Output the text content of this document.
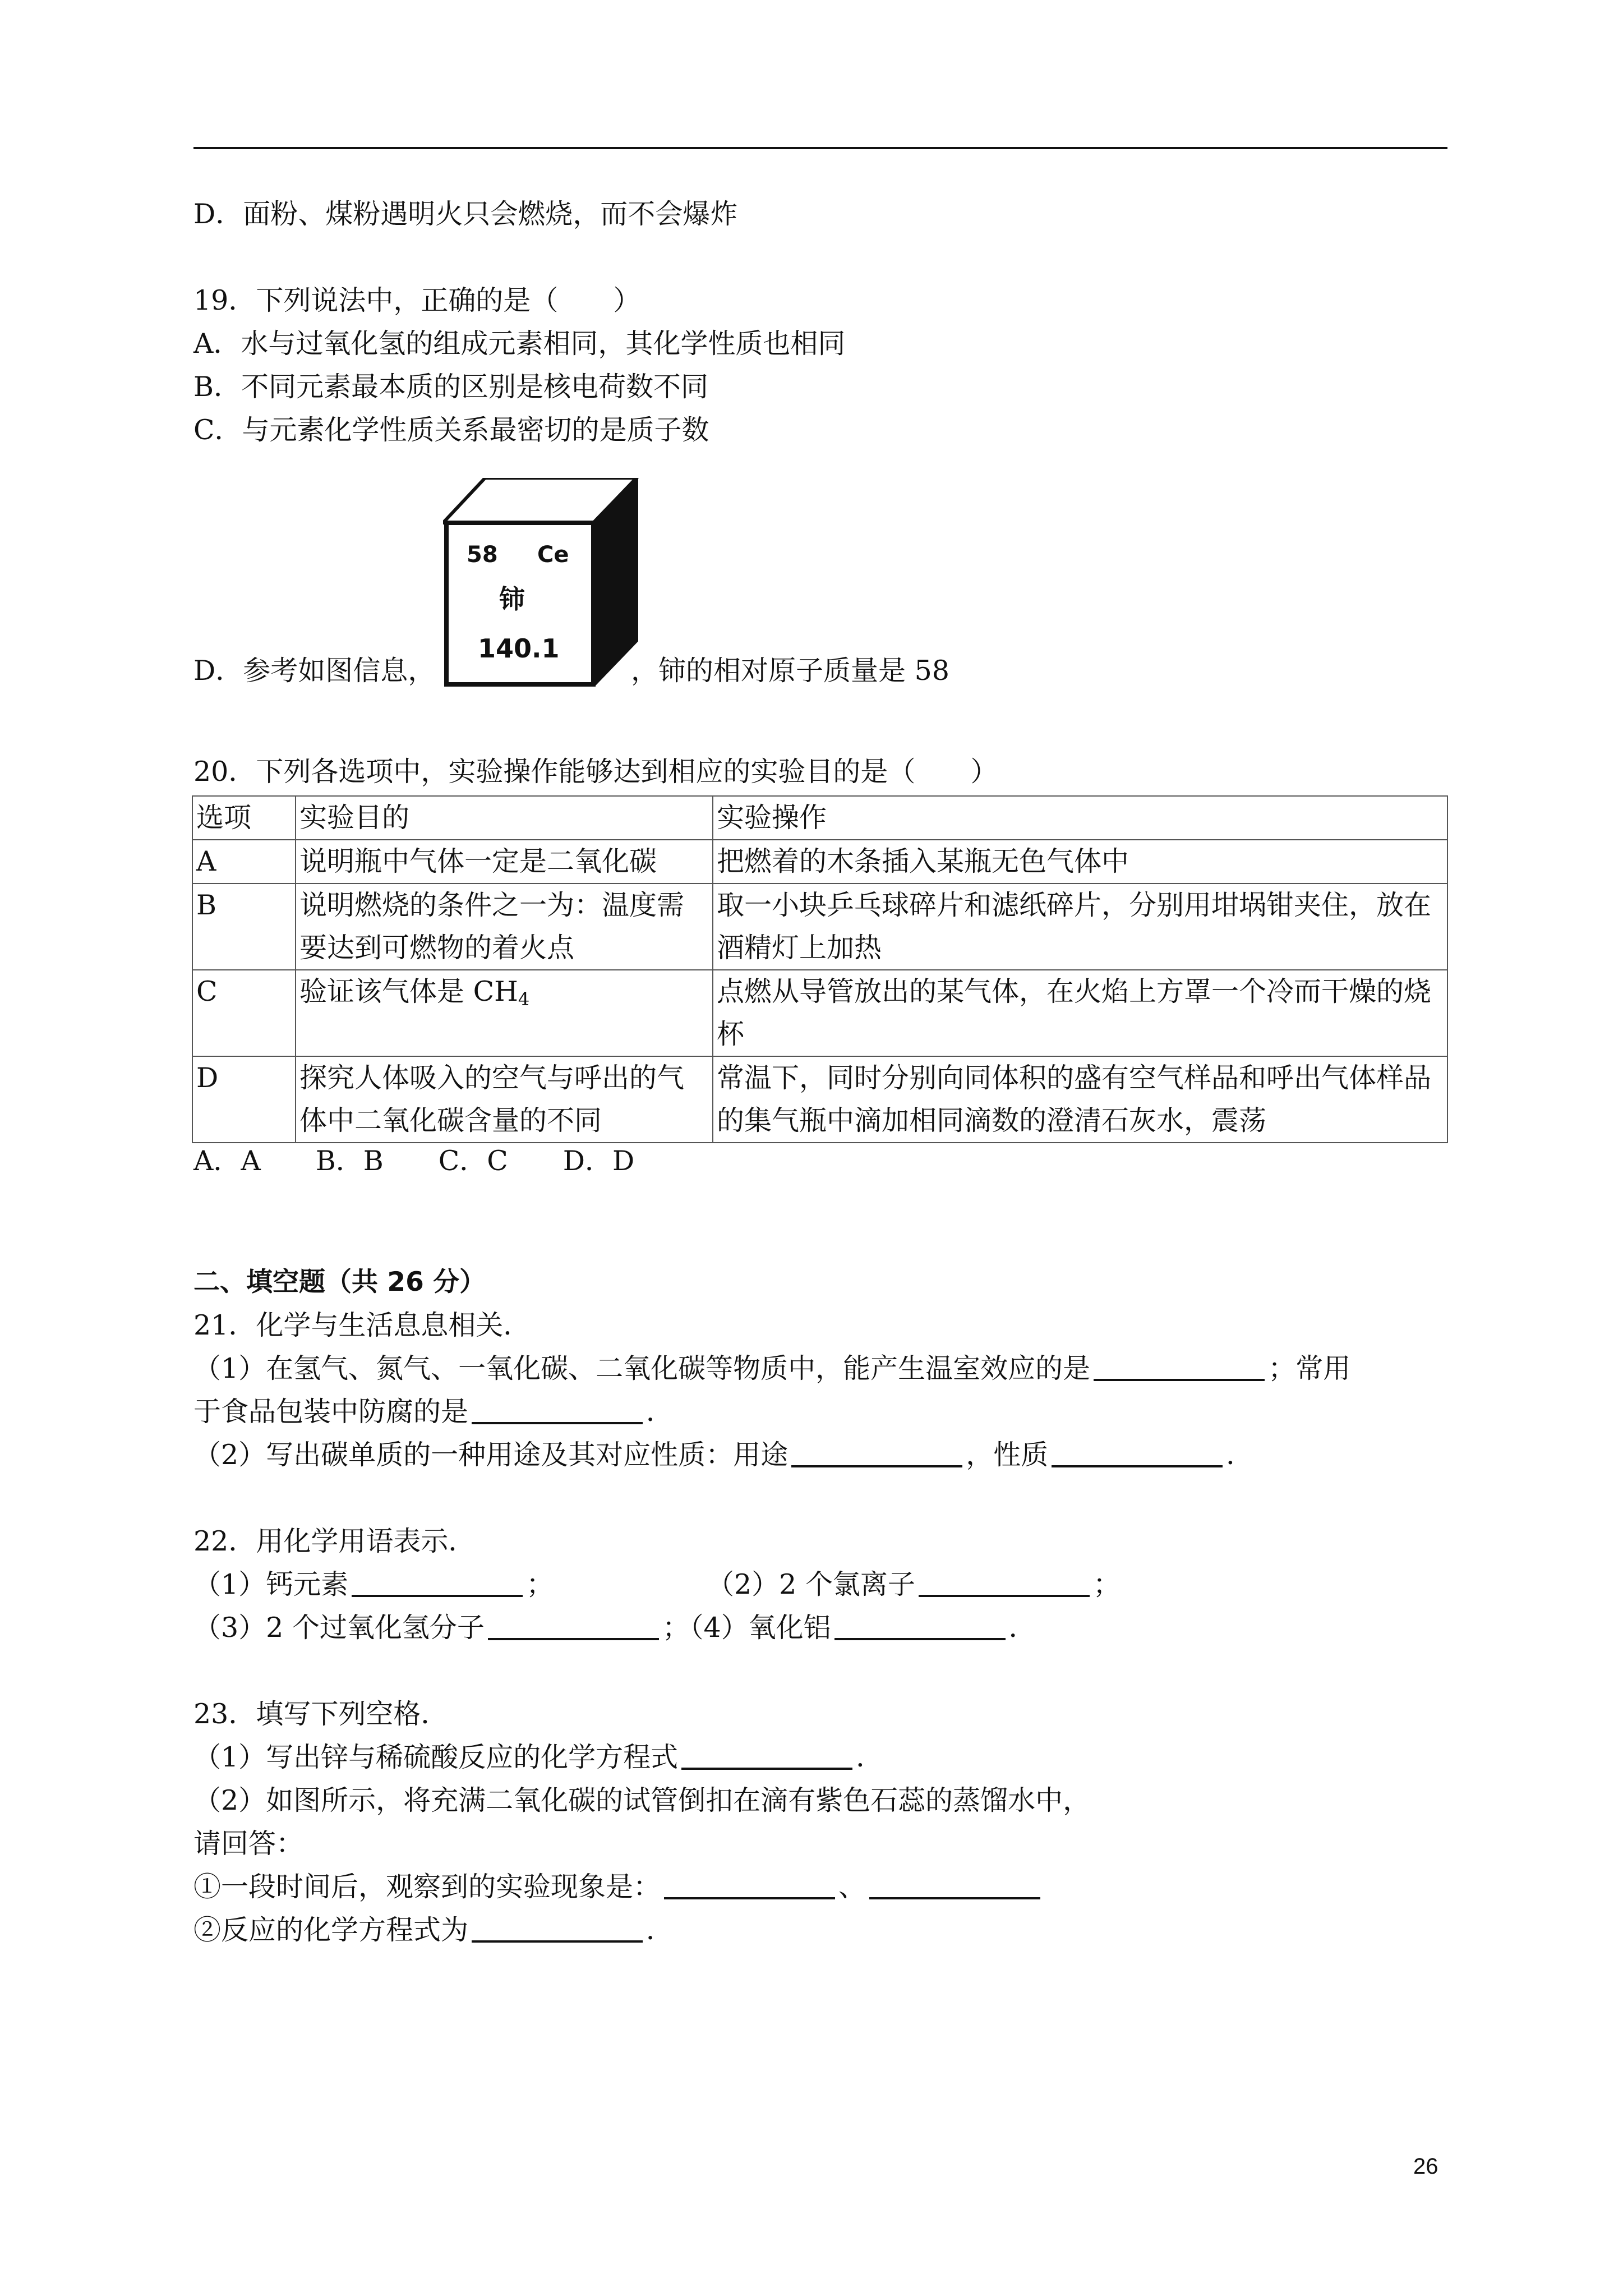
D．面粉、煤粉遇明火只会燃烧，而不会爆炸
19．下列说法中，正确的是（　　）
A．水与过氧化氢的组成元素相同，其化学性质也相同
B．不同元素最本质的区别是核电荷数不同
C．与元素化学性质关系最密切的是质子数
D．参考如图信息，
58 Ce
铈
140.1
，铈的相对原子质量是 58
20．下列各选项中，实验操作能够达到相应的实验目的是（　　）
选项	实验目的	实验操作
A	说明瓶中气体一定是二氧化碳	把燃着的木条插入某瓶无色气体中
B	说明燃烧的条件之一为：温度需要达到可燃物的着火点	取一小块乒乓球碎片和滤纸碎片，分别用坩埚钳夹住，放在酒精灯上加热
C	验证该气体是 $CH_4$	点燃从导管放出的某气体，在火焰上方罩一个冷而干燥的烧杯
D	探究人体吸入的空气与呼出的气体中二氧化碳含量的不同	常温下，同时分别向同体积的盛有空气样品和呼出气体样品的集气瓶中滴加相同滴数的澄清石灰水，震荡
A．A　　B．B　　C．C　　D．D
二、填空题（共 26 分）
21．化学与生活息息相关．
（1）在氢气、氮气、一氧化碳、二氧化碳等物质中，能产生温室效应的是	；常用
于食品包装中防腐的是	．
（2）写出碳单质的一种用途及其对应性质：用途	，性质	．
22．用化学用语表示．
（1）钙元素	；	（2）2 个氯离子	；
（3）2 个过氧化氢分子	；（4）氧化铝	．
23．填写下列空格．
（1）写出锌与稀硫酸反应的化学方程式	．
（2）如图所示，将充满二氧化碳的试管倒扣在滴有紫色石蕊的蒸馏水中，
请回答：
①一段时间后，观察到的实验现象是：	、
②反应的化学方程式为	．
26
